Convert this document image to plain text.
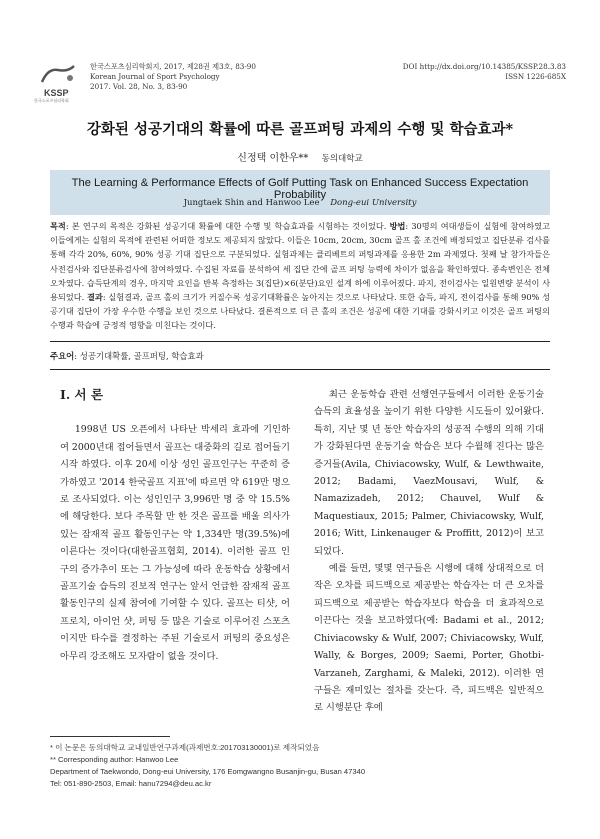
KSSP
한국스포츠심리학회
한국스포츠심리학회지, 2017, 제28권 제3호, 83-90
Korean Journal of Sport Psychology
2017. Vol. 28, No. 3, 83-90
DOI http://dx.doi.org/10.14385/KSSP.28.3.83
ISSN 1226-685X
강화된 성공기대의 확률에 따른 골프퍼팅 과제의 수행 및 학습효과*
신정택 이한우** 동의대학교
The Learning & Performance Effects of Golf Putting Task on Enhanced Success Expectation Probability
Jungtaek Shin and Hanwoo Lee Dong-eui University
목적: 본 연구의 목적은 강화된 성공기대 확률에 대한 수행 및 학습효과를 시험하는 것이었다. 방법: 30명의 여대생들이 실험에 참여하였고 이들에게는 실험의 목적에 관련된 어떠한 정보도 제공되지 않았다. 이들은 10cm, 20cm, 30cm 골프 홀 조건에 배정되었고 집단분류 검사를 통해 각각 20%, 60%, 90% 성공 기대 집단으로 구분되었다. 실험과제는 클리베트의 퍼팅과제를 응용한 2m 과제였다. 첫째 날 참가자들은 사전검사와 집단분류검사에 참여하였다. 수집된 자료를 분석하여 세 집단 간에 골프 퍼팅 능력에 차이가 없음을 확인하였다. 종속변인은 전체오차였다. 습득단계의 경우, 마지막 요인을 반복 측정하는 3(집단)×6(분단)요인 설계 하에 이루어졌다. 파지, 전이검사는 일원변량 분석이 사용되었다. 결과: 실험결과, 골프 홀의 크기가 커질수록 성공기대확률은 높아지는 것으로 나타났다. 또한 습득, 파지, 전이검사를 통해 90% 성공기대 집단이 가장 우수한 수행을 보인 것으로 나타났다. 결론적으로 더 큰 홀의 조건은 성공에 대한 기대를 강화시키고 이것은 골프 퍼팅의 수행과 학습에 긍정적 영향을 미친다는 것이다.
주요어: 성공기대확률, 골프퍼팅, 학습효과
I. 서 론

1998년 US 오픈에서 나타난 박세리 효과에 기인하여 2000년대 접어들면서 골프는 대중화의 길로 접어들기 시작 하였다. 이후 20세 이상 성인 골프인구는 꾸준히 증가하였고 '2014 한국골프 지표'에 따르면 약 619만 명으로 조사되었다. 이는 성인인구 3,996만 명 중 약 15.5%에 해당한다. 보다 주목할 만 한 것은 골프를 배울 의사가 있는 잠재적 골프 활동인구는 약 1,334만 명(39.5%)에 이른다는 것이다(대한골프협회, 2014). 이러한 골프 인구의 증가추이 또는 그 가능성에 따라 운동학습 상황에서 골프기술 습득의 진보적 연구는 앞서 언급한 잠재적 골프 활동인구의 실제 참여에 기여할 수 있다. 골프는 티샷, 어프로치, 아이언 샷, 퍼팅 등 많은 기술로 이루어진 스포츠이지만 타수를 결정하는 주된 기술로서 퍼팅의 중요성은 아무리 강조해도 모자람이 없을 것이다.

최근 운동학습 관련 선행연구들에서 이러한 운동기술 습득의 효율성을 높이기 위한 다양한 시도들이 있어왔다. 특히, 지난 몇 년 동안 학습자의 성공적 수행의 의해 기대가 강화된다면 운동기술 학습은 보다 수월해 진다는 많은 증거들(Avila, Chiviacowsky, Wulf, & Lewthwaite, 2012; Badami, VaezMousavi, Wulf, & Namazizadeh, 2012; Chauvel, Wulf & Maquestiaux, 2015; Palmer, Chiviacowsky, Wulf, 2016; Witt, Linkenauger & Proffitt, 2012)이 보고되었다.

예를 들면, 몇몇 연구들은 시행에 대해 상대적으로 더 작은 오차를 피드백으로 제공받는 학습자는 더 큰 오차를 피드백으로 제공받는 학습자보다 학습을 더 효과적으로 이끈다는 것을 보고하였다(예: Badami et al., 2012; Chiviacowsky & Wulf, 2007; Chiviacowsky, Wulf, Wally, & Borges, 2009; Saemi, Porter, Ghotbi-Varzaneh, Zarghami, & Maleki, 2012). 이러한 연구들은 재미있는 절차를 갖는다. 즉, 피드백은 일반적으로 시행분단 후에

* 이 논문은 동의대학교 교내일반연구과제(과제번호:201703130001)로 제작되었음
** Corresponding author: Hanwoo Lee
Department of Taekwondo, Dong-eui University, 176 Eomgwangno Busanjin-gu, Busan 47340
Tel: 051-890-2503, Email: hanu7294@deu.ac.kr
